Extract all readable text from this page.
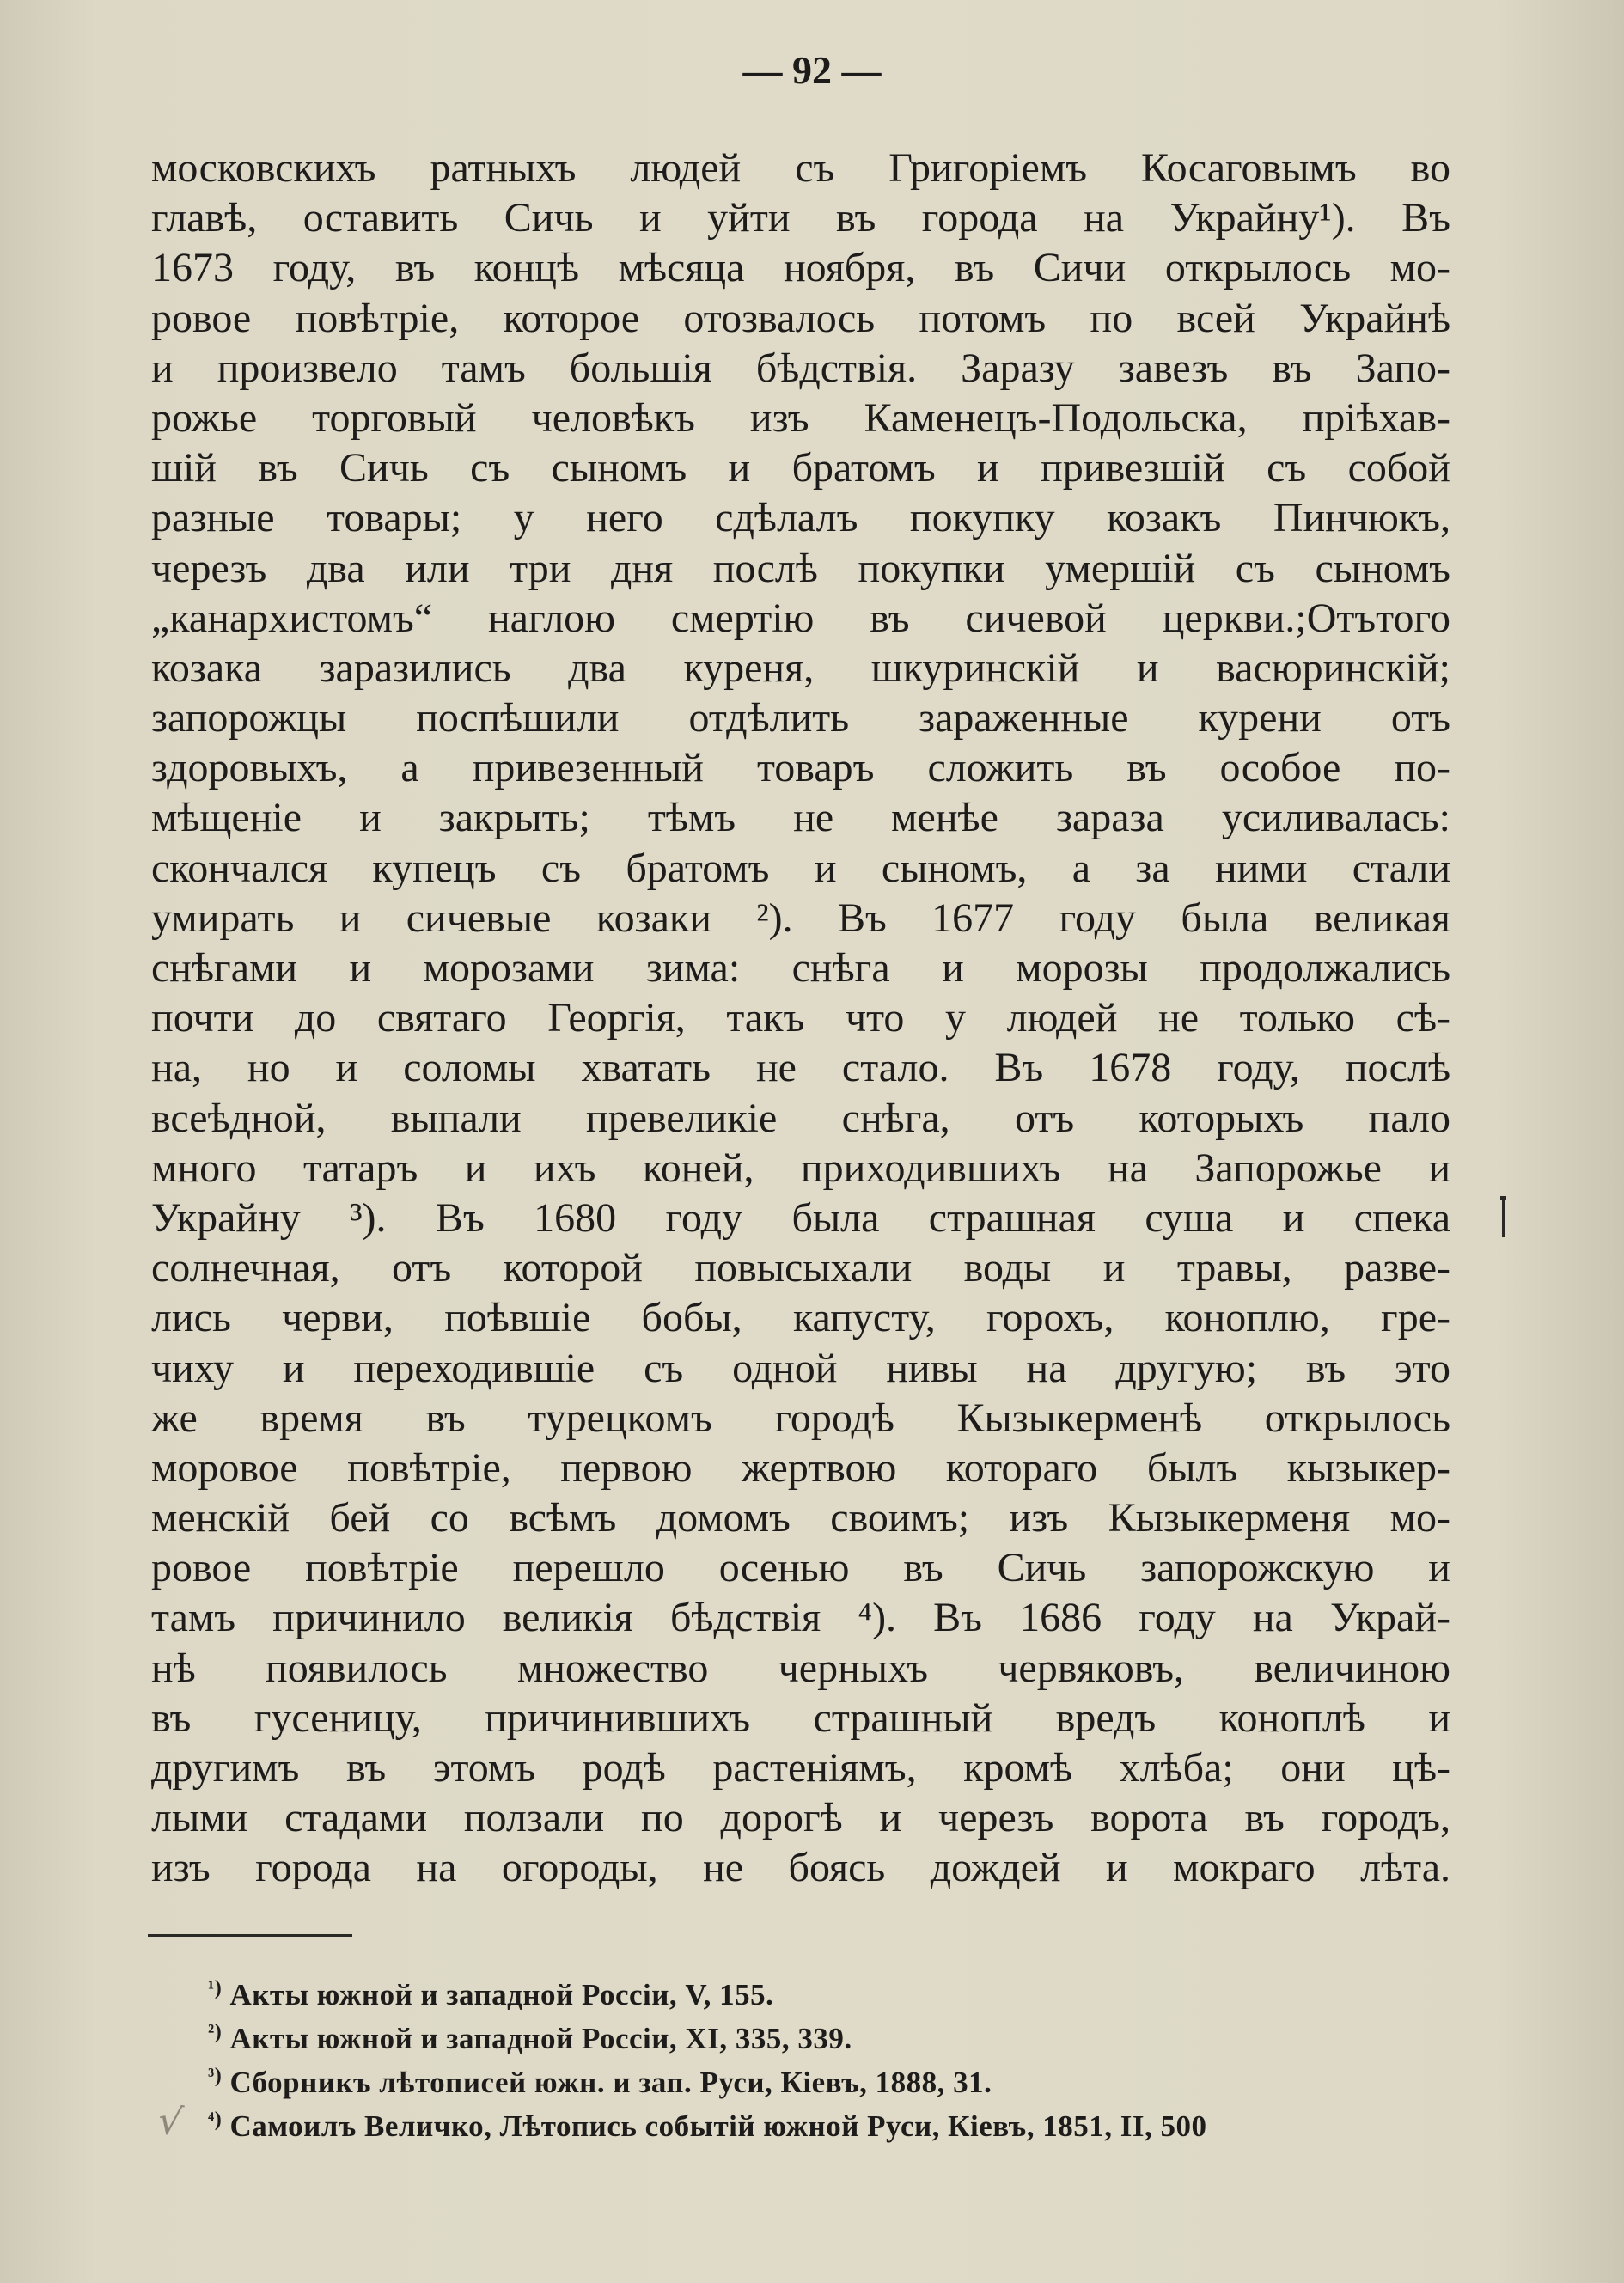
— 92 —
московскихъ ратныхъ людей съ Григоріемъ Косаговымъ во
главѣ, оставить Сичь и уйти въ города на Украйну¹). Въ
1673 году, въ концѣ мѣсяца ноября, въ Сичи открылось мо-
ровое повѣтріе, которое отозвалось потомъ по всей Украйнѣ
и произвело тамъ большія бѣдствія. Заразу завезъ въ Запо-
рожье торговый человѣкъ изъ Каменецъ-Подольска, пріѣхав-
шій въ Сичь съ сыномъ и братомъ и привезшій съ собой
разные товары; у него сдѣлалъ покупку козакъ Пинчюкъ,
черезъ два или три дня послѣ покупки умершій съ сыномъ
„канархистомъ“ наглою смертію въ сичевой церкви.;Отътого
козака заразились два куреня, шкуринскій и васюринскій;
запорожцы поспѣшили отдѣлить зараженные курени отъ
здоровыхъ, а привезенный товаръ сложить въ особое по-
мѣщеніе и закрыть; тѣмъ не менѣе зараза усиливалась:
скончался купецъ съ братомъ и сыномъ, а за ними стали
умирать и сичевые козаки ²). Въ 1677 году была великая
снѣгами и морозами зима: снѣга и морозы продолжались
почти до святаго Георгія, такъ что у людей не только сѣ-
на, но и соломы хватать не стало. Въ 1678 году, послѣ
всеѣдной, выпали превеликіе снѣга, отъ которыхъ пало
много татаръ и ихъ коней, приходившихъ на Запорожье и
Украйну ³). Въ 1680 году была страшная суша и спека
солнечная, отъ которой повысыхали воды и травы, разве-
лись черви, поѣвшіе бобы, капусту, горохъ, коноплю, гре-
чиху и переходившіе съ одной нивы на другую; въ это
же время въ турецкомъ городѣ Кызыкерменѣ открылось
моровое повѣтріе, первою жертвою котораго былъ кызыкер-
менскій бей со всѣмъ домомъ своимъ; изъ Кызыкерменя мо-
ровое повѣтріе перешло осенью въ Сичь запорожскую и
тамъ причинило великія бѣдствія ⁴). Въ 1686 году на Украй-
нѣ появилось множество черныхъ червяковъ, величиною
въ гусеницу, причинившихъ страшный вредъ коноплѣ и
другимъ въ этомъ родѣ растеніямъ, кромѣ хлѣба; они цѣ-
лыми стадами ползали по дорогѣ и черезъ ворота въ городъ,
изъ города на огороды, не боясь дождей и мокраго лѣта.
$^{^1)}$ Акты южной и западной Россіи, V, 155.
$^{^2)}$ Акты южной и западной Россіи, XI, 335, 339.
$^{^3)}$ Сборникъ лѣтописей южн. и зап. Руси, Кіевъ, 1888, 31.
$^{^4)}$ Самоилъ Величко, Лѣтопись событій южной Руси, Кіевъ, 1851, II, 500
√
